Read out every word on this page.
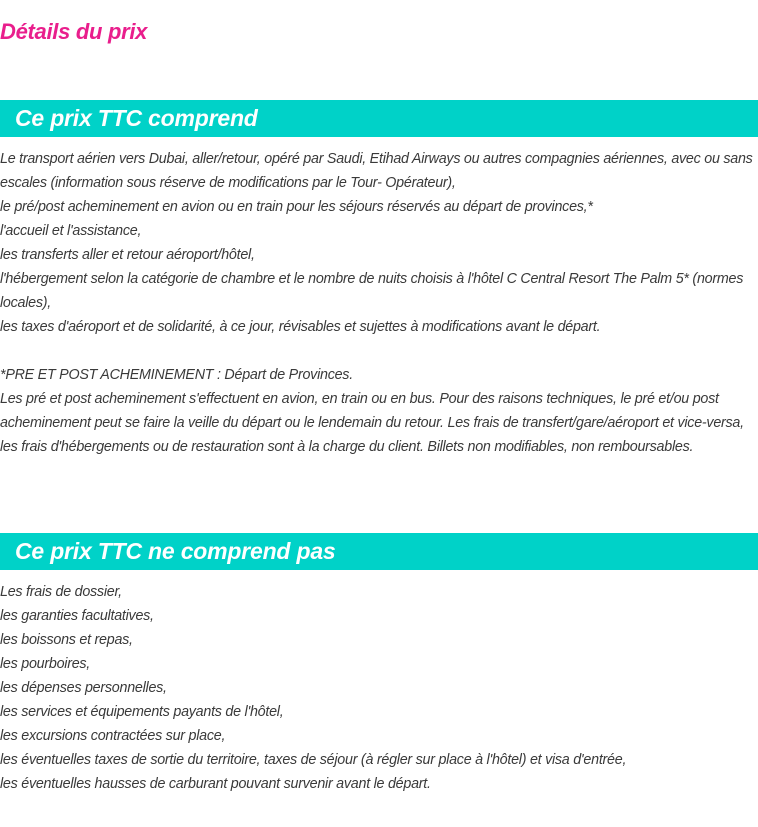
Détails du prix
Ce prix TTC comprend

Le transport aérien vers Dubai, aller/retour, opéré par Saudi, Etihad Airways ou autres compagnies aériennes, avec ou sans escales (information sous réserve de modifications par le Tour- Opérateur),

le pré/post acheminement en avion ou en train pour les séjours réservés au départ de provinces,*

l'accueil et l'assistance,

les transferts aller et retour aéroport/hôtel,

l'hébergement selon la catégorie de chambre et le nombre de nuits choisis à l'hôtel C Central Resort The Palm 5* (normes locales),

les taxes d'aéroport et de solidarité, à ce jour, révisables et sujettes à modifications avant le départ.

*PRE ET POST ACHEMINEMENT : Départ de Provinces.

Les pré et post acheminement s'effectuent en avion, en train ou en bus. Pour des raisons techniques, le pré et/ou post acheminement peut se faire la veille du départ ou le lendemain du retour. Les frais de transfert/gare/aéroport et vice-versa, les frais d'hébergements ou de restauration sont à la charge du client. Billets non modifiables, non remboursables.

Ce prix TTC ne comprend pas

Les frais de dossier,

les garanties facultatives,

les boissons et repas,

les pourboires,

les dépenses personnelles,

les services et équipements payants de l'hôtel,

les excursions contractées sur place,

les éventuelles taxes de sortie du territoire, taxes de séjour (à régler sur place à l'hôtel) et visa d'entrée,

les éventuelles hausses de carburant pouvant survenir avant le départ.
